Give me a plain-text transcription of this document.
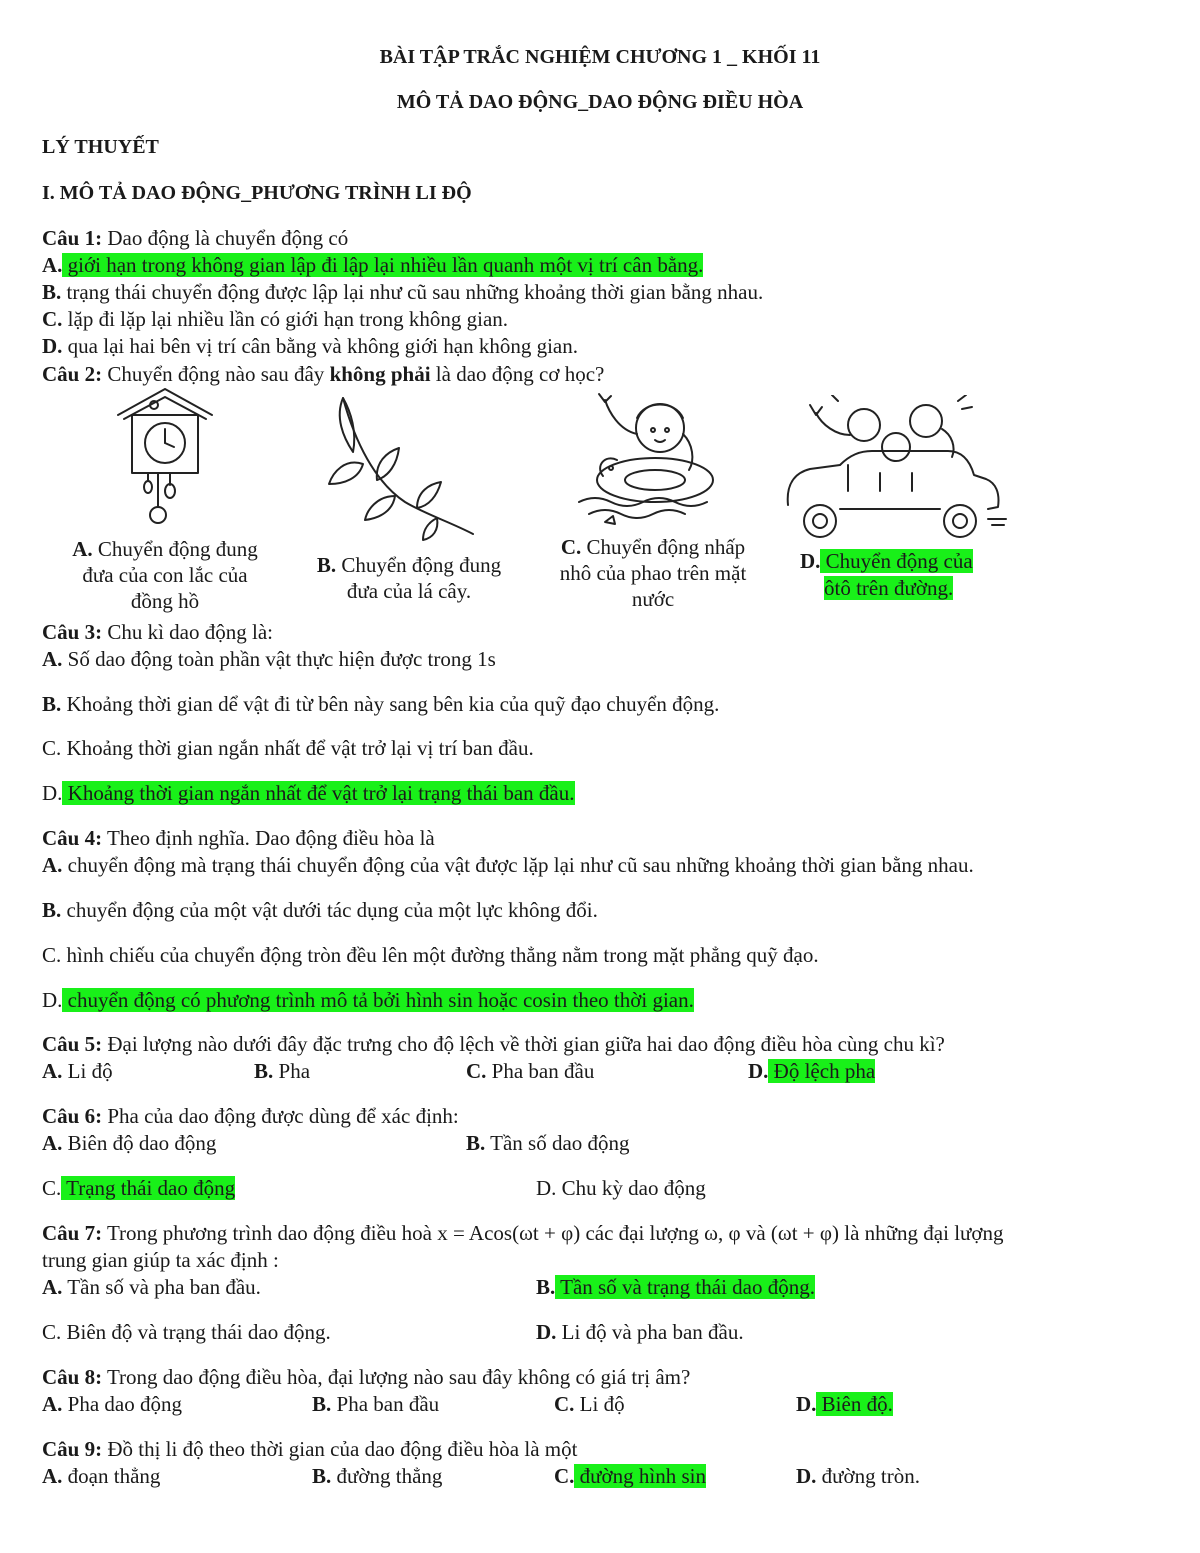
BÀI TẬP TRẮC NGHIỆM CHƯƠNG 1 _ KHỐI 11
MÔ TẢ DAO ĐỘNG_DAO ĐỘNG ĐIỀU HÒA
LÝ THUYẾT
I. MÔ TẢ DAO ĐỘNG_PHƯƠNG TRÌNH LI ĐỘ
Câu 1: Dao động là chuyển động có
A. giới hạn trong không gian lập đi lập lại nhiều lần quanh một vị trí cân bằng.
B. trạng thái chuyển động được lập lại như cũ sau những khoảng thời gian bằng nhau.
C. lặp đi lặp lại nhiều lần có giới hạn trong không gian.
D. qua lại hai bên vị trí cân bằng và không giới hạn không gian.
Câu 2: Chuyển động nào sau đây không phải là dao động cơ học?
A. Chuyển động đung
đưa của con lắc của
đồng hồ
B. Chuyển động đung
đưa của lá cây.
C. Chuyển động nhấp
nhô của phao trên mặt
nước
D. Chuyển động của
ôtô trên đường.
Câu 3: Chu kì dao động là:
A. Số dao động toàn phần vật thực hiện được trong 1s
B. Khoảng thời gian dể vật đi từ bên này sang bên kia của quỹ đạo chuyển động.
C. Khoảng thời gian ngắn nhất để vật trở lại vị trí ban đầu.
D. Khoảng thời gian ngắn nhất để vật trở lại trạng thái ban đầu.
Câu 4: Theo định nghĩa. Dao động điều hòa là
A. chuyển động mà trạng thái chuyển động của vật được lặp lại như cũ sau những khoảng thời gian bằng nhau.
B. chuyển động của một vật dưới tác dụng của một lực không đổi.
C. hình chiếu của chuyển động tròn đều lên một đường thẳng nằm trong mặt phẳng quỹ đạo.
D. chuyển động có phương trình mô tả bởi hình sin hoặc cosin theo thời gian.
Câu 5: Đại lượng nào dưới đây đặc trưng cho độ lệch về thời gian giữa hai dao động điều hòa cùng chu kì?
A. Li độ	B. Pha	C. Pha ban đầu	D. Độ lệch pha
Câu 6: Pha của dao động được dùng để xác định:
A. Biên độ dao động	B. Tần số dao động
C. Trạng thái dao động	D. Chu kỳ dao động
Câu 7: Trong phương trình dao động điều hoà x = Acos(ωt + φ) các đại lượng ω, φ và (ωt + φ) là những đại lượng
trung gian giúp ta xác định :
A. Tần số và pha ban đầu.	B. Tần số và trạng thái dao động.
C. Biên độ và trạng thái dao động.	D. Li độ và pha ban đầu.
Câu 8: Trong dao động điều hòa, đại lượng nào sau đây không có giá trị âm?
A. Pha dao động	B. Pha ban đầu	C. Li độ	D. Biên độ.
Câu 9: Đồ thị li độ theo thời gian của dao động điều hòa là một
A. đoạn thẳng	B. đường thẳng	C. đường hình sin	D. đường tròn.
